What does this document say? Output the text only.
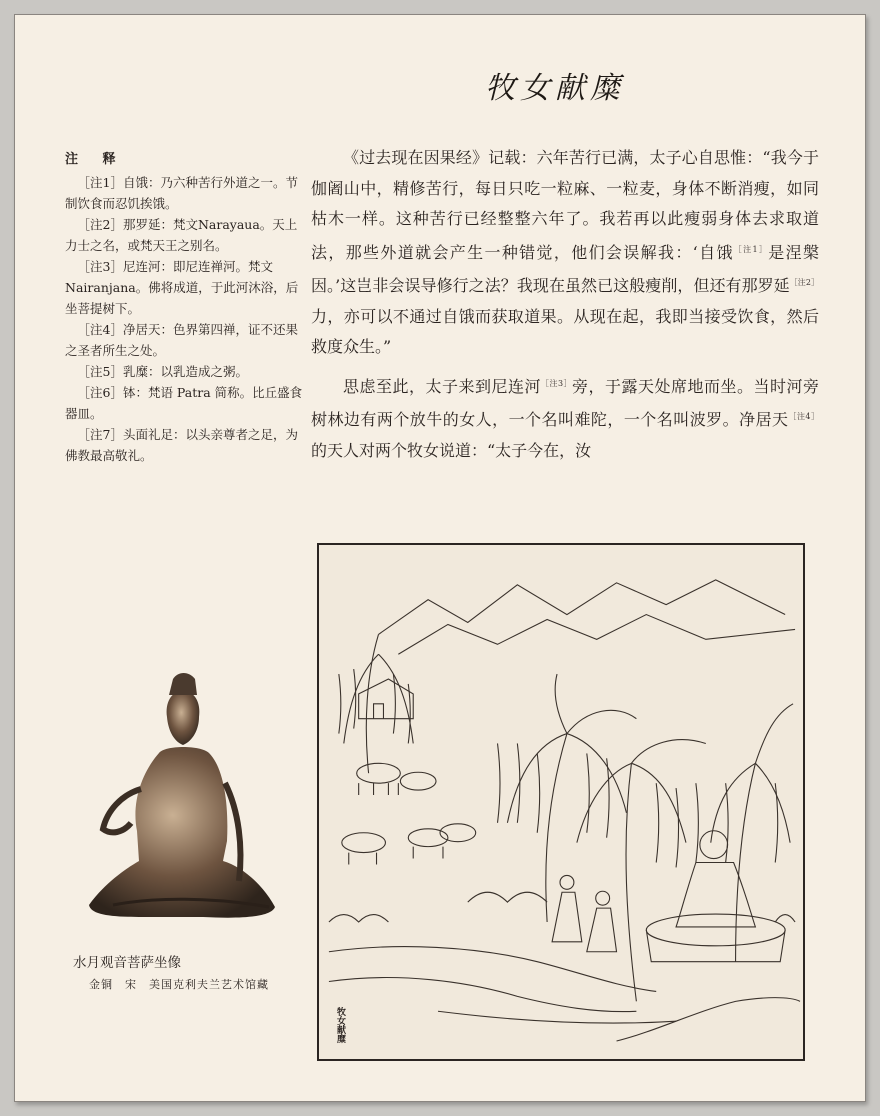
牧女献糜
注 释

［注1］自饿：乃六种苦行外道之一。节制饮食而忍饥挨饿。

［注2］那罗延：梵文Narayaua。天上力士之名，或梵天王之别名。

［注3］尼连河：即尼连禅河。梵文 Nairanjana。佛将成道，于此河沐浴，后坐菩提树下。

［注4］净居天：色界第四禅，证不还果之圣者所生之处。

［注5］乳糜：以乳造成之粥。

［注6］钵：梵语 Patra 简称。比丘盛食器皿。

［注7］头面礼足：以头亲尊者之足，为佛教最高敬礼。

《过去现在因果经》记载：六年苦行已满，太子心自思惟：“我今于伽阇山中，精修苦行，每日只吃一粒麻、一粒麦，身体不断消瘦，如同枯木一样。这种苦行已经整整六年了。我若再以此瘦弱身体去求取道法，那些外道就会产生一种错觉，他们会误解我：‘自饿$^{[注1]}$是涅槃因。’这岂非会误导修行之法？我现在虽然已这般瘦削，但还有那罗延$^{[注2]}$力，亦可以不通过自饿而获取道果。从现在起，我即当接受饮食，然后救度众生。”

思虑至此，太子来到尼连河$^{[注3]}$旁，于露天处席地而坐。当时河旁树林边有两个放牛的女人，一个名叫难陀，一个名叫波罗。净居天$^{[注4]}$的天人对两个牧女说道：“太子今在，汝

牧女献糜
水月观音菩萨坐像
金铜　宋　美国克利夫兰艺术馆藏
